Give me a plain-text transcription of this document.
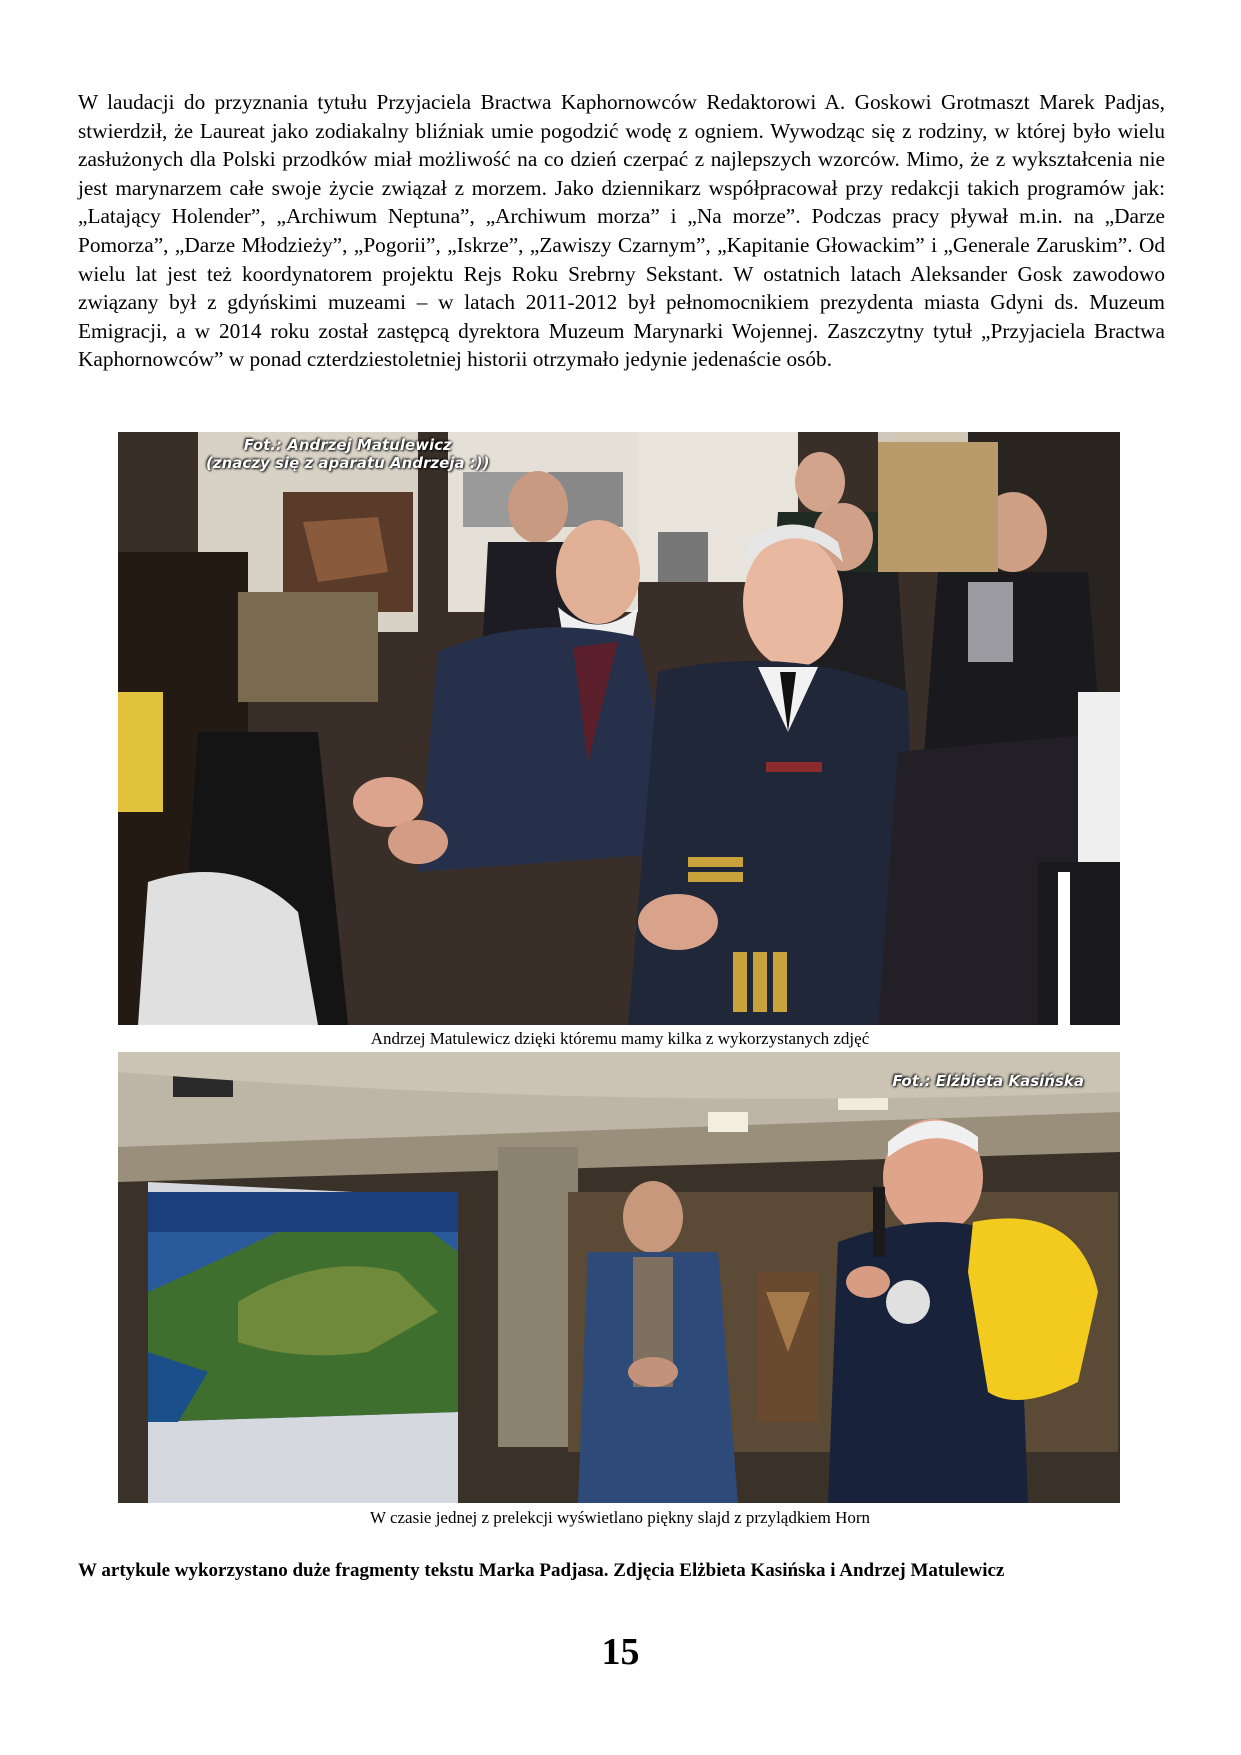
W laudacji do przyznania tytułu Przyjaciela Bractwa Kaphornowców Redaktorowi A. Goskowi Grotmaszt Marek Padjas, stwierdził, że Laureat jako zodiakalny bliźniak umie pogodzić wodę z ogniem. Wywodząc się z rodziny, w której było wielu zasłużonych dla Polski przodków miał możliwość na co dzień czerpać z najlepszych wzorców. Mimo, że z wykształcenia nie jest marynarzem całe swoje życie związał z morzem. Jako dziennikarz współpracował przy redakcji takich programów jak: „Latający Holender”, „Archiwum Neptuna”, „Archiwum morza” i „Na morze”. Podczas pracy pływał m.in. na „Darze Pomorza”, „Darze Młodzieży”, „Pogorii”, „Iskrze”, „Zawiszy Czarnym”, „Kapitanie Głowackim” i „Generale Zaruskim”. Od wielu lat jest też koordynatorem projektu Rejs Roku Srebrny Sekstant. W ostatnich latach Aleksander Gosk zawodowo związany był z gdyńskimi muzeami – w latach 2011-2012 był pełnomocnikiem prezydenta miasta Gdyni ds. Muzeum Emigracji, a w 2014 roku został zastępcą dyrektora Muzeum Marynarki Wojennej. Zaszczytny tytuł „Przyjaciela Bractwa Kaphornowców” w ponad czterdziestoletniej historii otrzymało jedynie jedenaście osób.

Fot.: Andrzej Matulewicz
(znaczy się z aparatu Andrzeja :))

Andrzej Matulewicz dzięki któremu mamy kilka z wykorzystanych zdjęć

Fot.: Elżbieta Kasińska

W czasie jednej z prelekcji wyświetlano piękny slajd z przylądkiem Horn

W artykule wykorzystano duże fragmenty tekstu Marka Padjasa. Zdjęcia Elżbieta Kasińska i Andrzej Matulewicz

15
